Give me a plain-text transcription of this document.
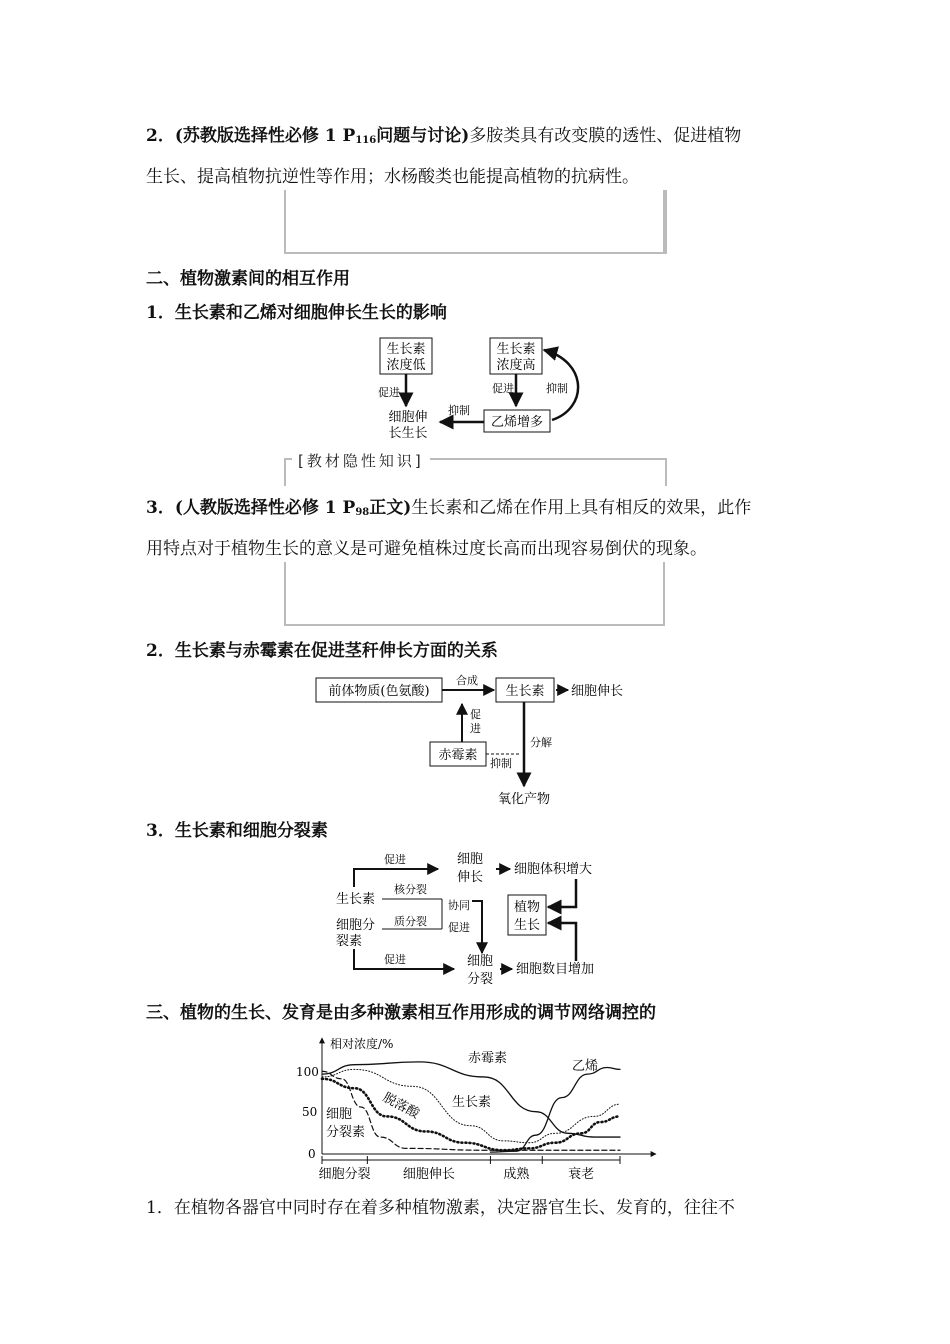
2．(苏教版选择性必修 1 $P_{116}$问题与讨论)多胺类具有改变膜的透性、促进植物
生长、提高植物抗逆性等作用；水杨酸类也能提高植物的抗病性。
二、植物激素间的相互作用
1．生长素和乙烯对细胞伸长生长的影响
生长素
浓度低
促进
细胞伸
长生长
生长素
浓度高
促进
乙烯增多
抑制
抑制
[教材隐性知识]
3．(人教版选择性必修 1 $P_{98}$正文)生长素和乙烯在作用上具有相反的效果，此作
用特点对于植物生长的意义是可避免植株过度长高而出现容易倒伏的现象。
2．生长素与赤霉素在促进茎秆伸长方面的关系
前体物质(色氨酸)
合成
生长素 细胞伸长
促
进
分解
赤霉素
抑制
氧化产物
3．生长素和细胞分裂素
促进	细胞
伸长
细胞体积增大
生长素
核分裂
细胞分
裂素
质分裂
协同
促进
促进	细胞
分裂
细胞数目增加
植物
生长
三、植物的生长、发育是由多种激素相互作用形成的调节网络调控的
相对浓度/%
100
50
0
细胞分裂 细胞伸长	成熟	衰老
赤霉素
乙烯
生长素
脱落酸
细胞
分裂素
1．在植物各器官中同时存在着多种植物激素，决定器官生长、发育的，往往不
